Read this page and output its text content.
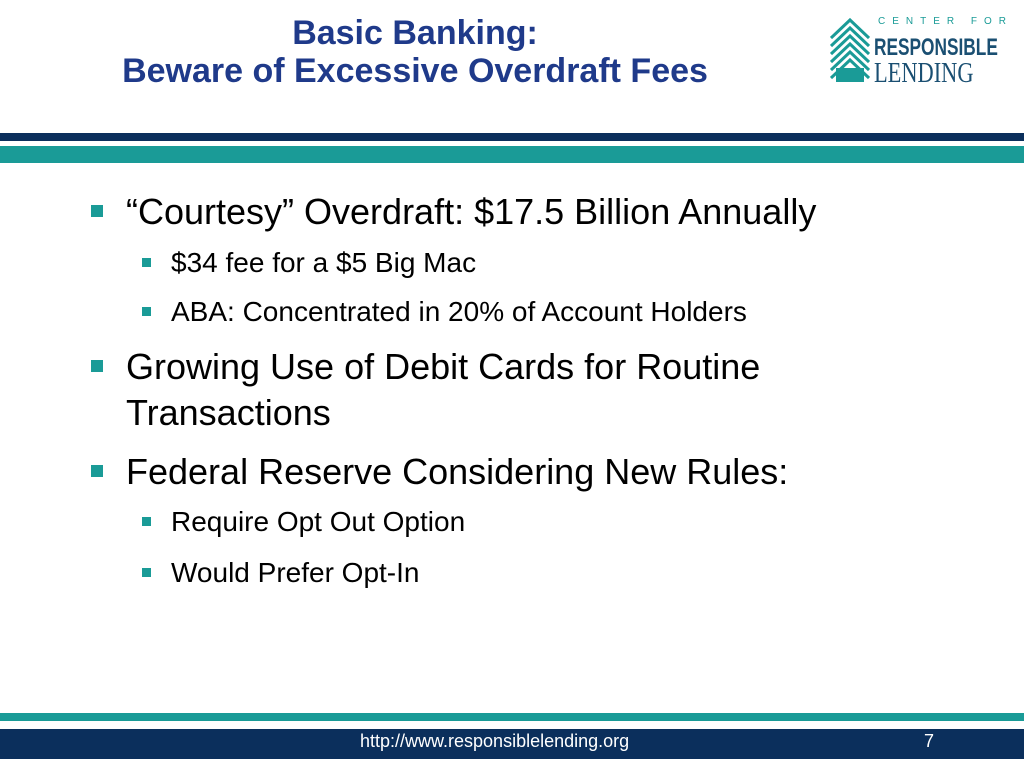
Basic Banking:
Beware of Excessive Overdraft Fees
CENTER FOR
RESPONSIBLE
LENDING
“Courtesy” Overdraft: $17.5 Billion Annually
$34 fee for a $5 Big Mac
ABA: Concentrated in 20% of Account Holders
Growing Use of Debit Cards for Routine
Transactions
Federal Reserve Considering New Rules:
Require Opt Out Option
Would Prefer Opt-In
http://www.responsiblelending.org	7
